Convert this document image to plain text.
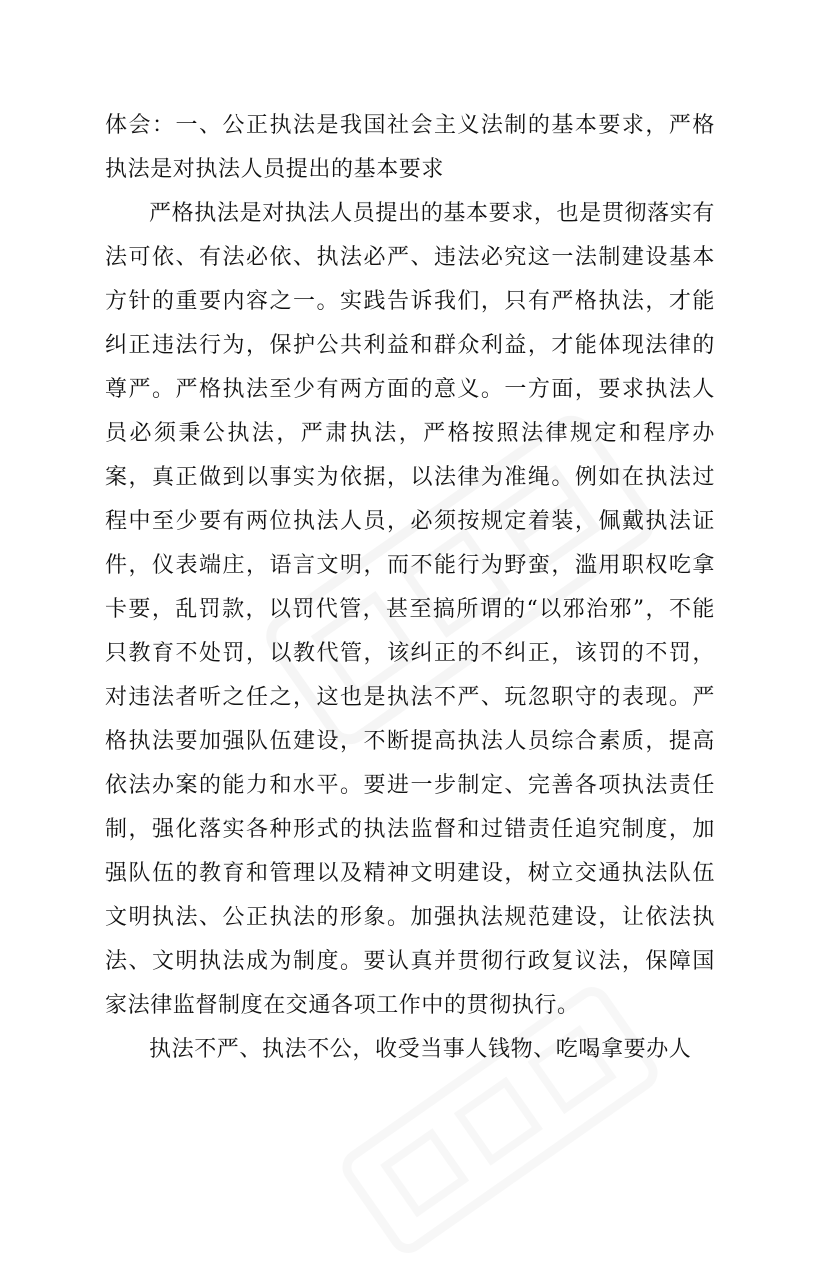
体会：一、公正执法是我国社会主义法制的基本要求，严格执法是对执法人员提出的基本要求

严格执法是对执法人员提出的基本要求，也是贯彻落实有法可依、有法必依、执法必严、违法必究这一法制建设基本方针的重要内容之一。实践告诉我们，只有严格执法，才能纠正违法行为，保护公共利益和群众利益，才能体现法律的尊严。严格执法至少有两方面的意义。一方面，要求执法人员必须秉公执法，严肃执法，严格按照法律规定和程序办案，真正做到以事实为依据，以法律为准绳。例如在执法过程中至少要有两位执法人员，必须按规定着装，佩戴执法证件，仪表端庄，语言文明，而不能行为野蛮，滥用职权吃拿卡要，乱罚款，以罚代管，甚至搞所谓的“以邪治邪”，不能只教育不处罚，以教代管，该纠正的不纠正，该罚的不罚，对违法者听之任之，这也是执法不严、玩忽职守的表现。严格执法要加强队伍建设，不断提高执法人员综合素质，提高依法办案的能力和水平。要进一步制定、完善各项执法责任制，强化落实各种形式的执法监督和过错责任追究制度，加强队伍的教育和管理以及精神文明建设，树立交通执法队伍文明执法、公正执法的形象。加强执法规范建设，让依法执法、文明执法成为制度。要认真并贯彻行政复议法，保障国家法律监督制度在交通各项工作中的贯彻执行。

执法不严、执法不公，收受当事人钱物、吃喝拿要办人
